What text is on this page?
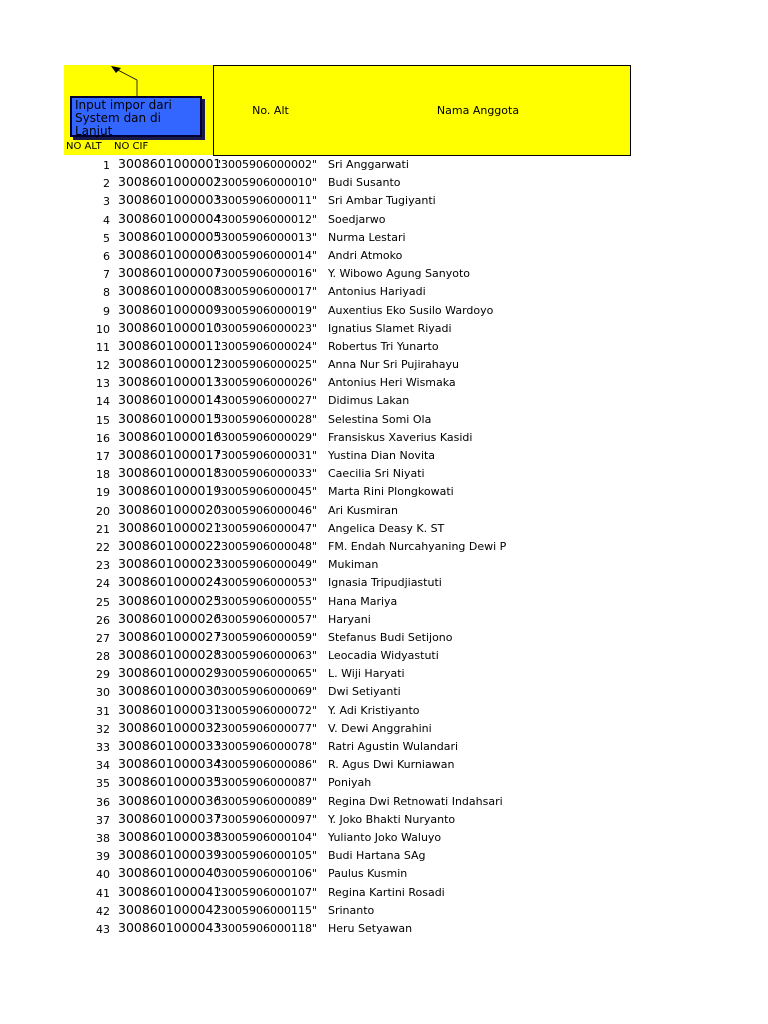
No. Alt	Nama Anggota
NO ALT NO CIF
Input impor dari System dan di Lanjut
1 3008601000001
"3005906000002" Sri Anggarwati
2 3008601000002
"3005906000010" Budi Susanto
3 3008601000003
"3005906000011" Sri Ambar Tugiyanti
4 3008601000004
"3005906000012" Soedjarwo
5 3008601000005
"3005906000013" Nurma Lestari
6 3008601000006
"3005906000014" Andri Atmoko
7 3008601000007
"3005906000016" Y. Wibowo Agung Sanyoto
8 3008601000008
"3005906000017" Antonius Hariyadi
9 3008601000009
"3005906000019" Auxentius Eko Susilo Wardoyo
10 3008601000010
"3005906000023" Ignatius Slamet Riyadi
11 3008601000011
"3005906000024" Robertus Tri Yunarto
12 3008601000012
"3005906000025" Anna Nur Sri Pujirahayu
13 3008601000013
"3005906000026" Antonius Heri Wismaka
14 3008601000014
"3005906000027" Didimus Lakan
15 3008601000015
"3005906000028" Selestina Somi Ola
16 3008601000016
"3005906000029" Fransiskus Xaverius Kasidi
17 3008601000017
"3005906000031" Yustina Dian Novita
18 3008601000018
"3005906000033" Caecilia Sri Niyati
19 3008601000019
"3005906000045" Marta Rini Plongkowati
20 3008601000020
"3005906000046" Ari Kusmiran
21 3008601000021
"3005906000047" Angelica Deasy K. ST
22 3008601000022
"3005906000048" FM. Endah Nurcahyaning Dewi P
23 3008601000023
"3005906000049" Mukiman
24 3008601000024
"3005906000053" Ignasia Tripudjiastuti
25 3008601000025
"3005906000055" Hana Mariya
26 3008601000026
"3005906000057" Haryani
27 3008601000027
"3005906000059" Stefanus Budi Setijono
28 3008601000028
"3005906000063" Leocadia Widyastuti
29 3008601000029
"3005906000065" L. Wiji Haryati
30 3008601000030
"3005906000069" Dwi Setiyanti
31 3008601000031
"3005906000072" Y. Adi Kristiyanto
32 3008601000032
"3005906000077" V. Dewi Anggrahini
33 3008601000033
"3005906000078" Ratri Agustin Wulandari
34 3008601000034
"3005906000086" R. Agus Dwi Kurniawan
35 3008601000035
"3005906000087" Poniyah
36 3008601000036
"3005906000089" Regina Dwi Retnowati Indahsari
37 3008601000037
"3005906000097" Y. Joko Bhakti Nuryanto
38 3008601000038
"3005906000104" Yulianto Joko Waluyo
39 3008601000039
"3005906000105" Budi Hartana SAg
40 3008601000040
"3005906000106" Paulus Kusmin
41 3008601000041
"3005906000107" Regina Kartini Rosadi
42 3008601000042
"3005906000115" Srinanto
43 3008601000043
"3005906000118" Heru Setyawan
